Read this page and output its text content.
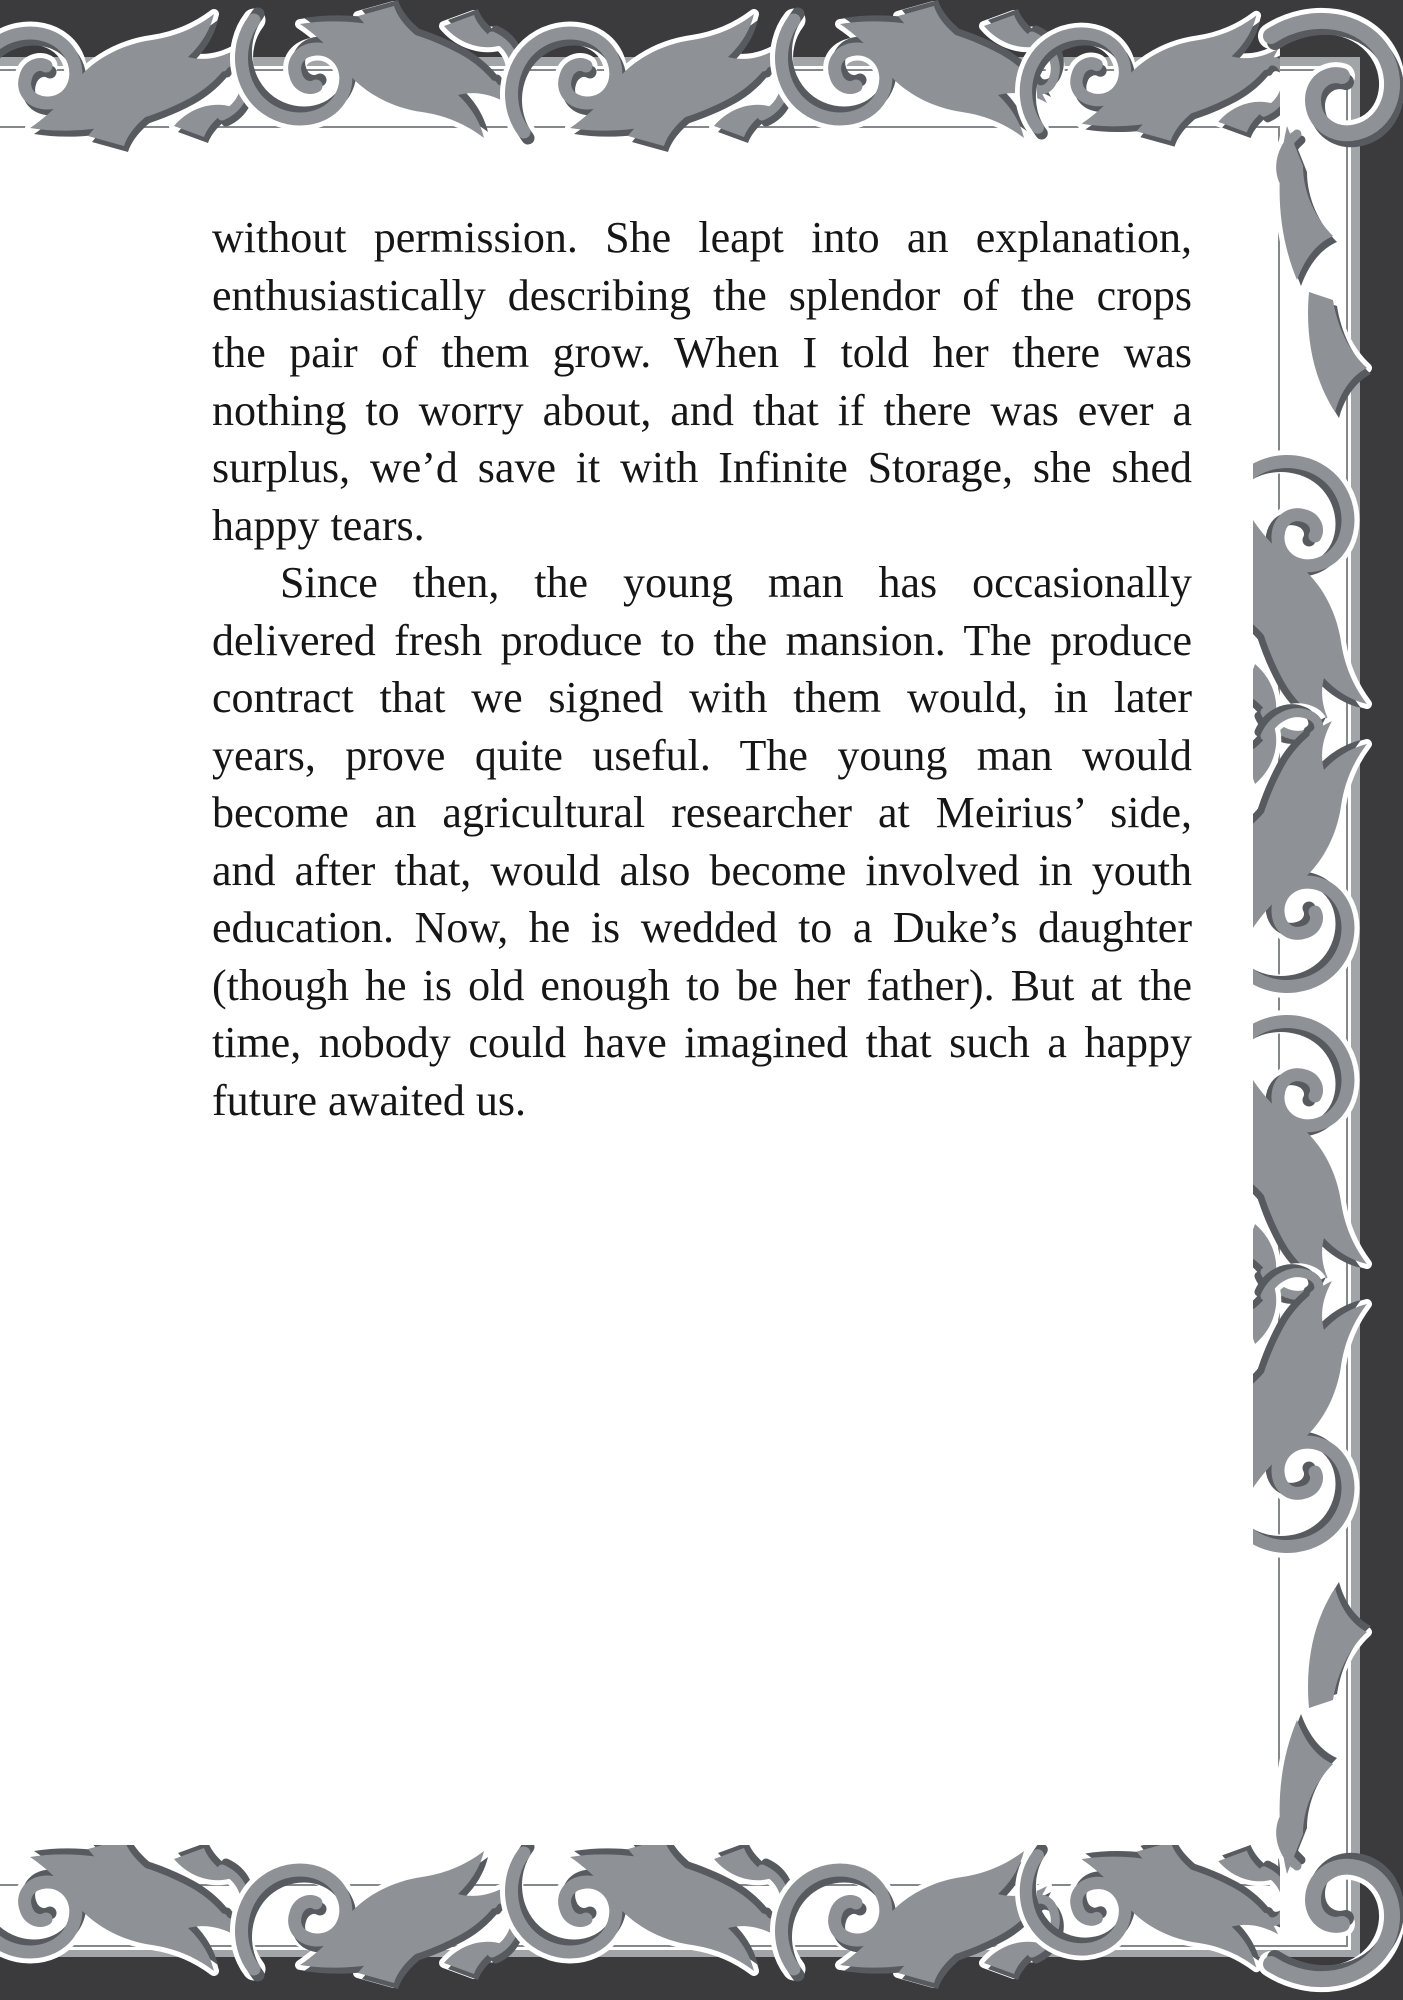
without permission. She leapt into an explanation,
enthusiastically describing the splendor of the crops
the pair of them grow. When I told her there was
nothing to worry about, and that if there was ever a
surplus, we’d save it with Infinite Storage, she shed
happy tears.
Since then, the young man has occasionally
delivered fresh produce to the mansion. The produce
contract that we signed with them would, in later
years, prove quite useful. The young man would
become an agricultural researcher at Meirius’ side,
and after that, would also become involved in youth
education. Now, he is wedded to a Duke’s daughter
(though he is old enough to be her father). But at the
time, nobody could have imagined that such a happy
future awaited us.
